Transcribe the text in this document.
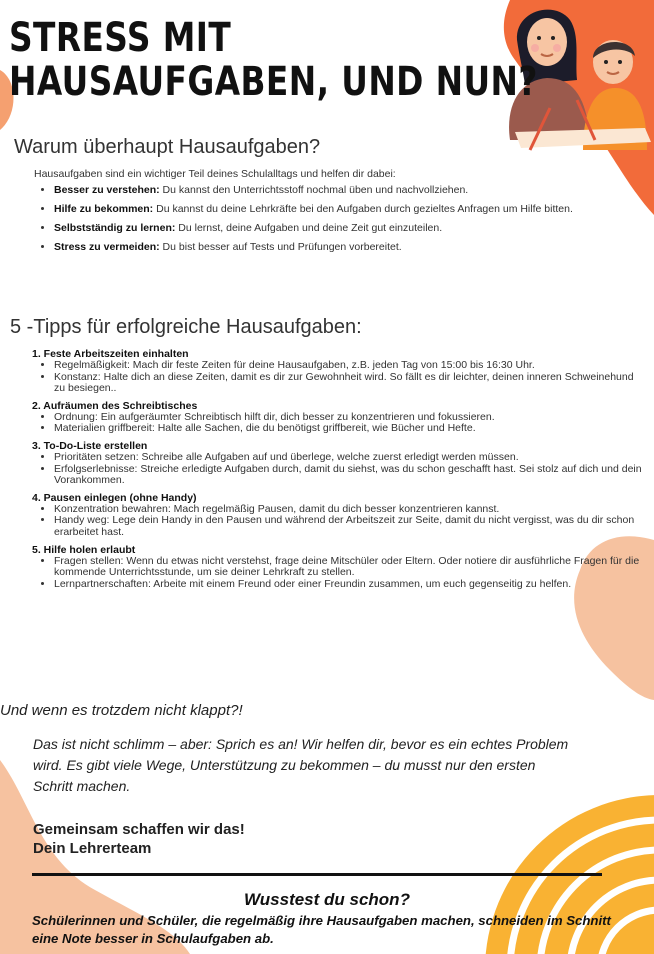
STRESS MIT HAUSAUFGABEN, UND NUN?
Warum überhaupt Hausaufgaben?
Hausaufgaben sind ein wichtiger Teil deines Schulalltags und helfen dir dabei:
• Besser zu verstehen: Du kannst den Unterrichtsstoff nochmal üben und nachvollziehen.
• Hilfe zu bekommen: Du kannst du deine Lehrkräfte bei den Aufgaben durch gezieltes Anfragen um Hilfe bitten.
• Selbstständig zu lernen: Du lernst, deine Aufgaben und deine Zeit gut einzuteilen.
• Stress zu vermeiden: Du bist besser auf Tests und Prüfungen vorbereitet.
5 -Tipps für erfolgreiche Hausaufgaben:
1. Feste Arbeitszeiten einhalten
• Regelmäßigkeit: Mach dir feste Zeiten für deine Hausaufgaben, z.B. jeden Tag von 15:00 bis 16:30 Uhr.
• Konstanz: Halte dich an diese Zeiten, damit es dir zur Gewohnheit wird. So fällt es dir leichter, deinen inneren Schweinehund zu besiegen..
2. Aufräumen des Schreibtisches
• Ordnung: Ein aufgeräumter Schreibtisch hilft dir, dich besser zu konzentrieren und fokussieren.
• Materialien griffbereit: Halte alle Sachen, die du benötigst griffbereit, wie Bücher und Hefte.
3. To-Do-Liste erstellen
• Prioritäten setzen: Schreibe alle Aufgaben auf und überlege, welche zuerst erledigt werden müssen.
• Erfolgserlebnisse: Streiche erledigte Aufgaben durch, damit du siehst, was du schon geschafft hast. Sei stolz auf dich und dein Vorankommen.
4. Pausen einlegen (ohne Handy)
• Konzentration bewahren: Mach regelmäßig Pausen, damit du dich besser konzentrieren kannst.
• Handy weg: Lege dein Handy in den Pausen und während der Arbeitszeit zur Seite, damit du nicht vergisst, was du dir schon erarbeitet hast.
5. Hilfe holen erlaubt
• Fragen stellen: Wenn du etwas nicht verstehst, frage deine Mitschüler oder Eltern. Oder notiere dir ausführliche Fragen für die kommende Unterrichtsstunde, um sie deiner Lehrkraft zu stellen.
• Lernpartnerschaften: Arbeite mit einem Freund oder einer Freundin zusammen, um euch gegenseitig zu helfen.
Und wenn es trotzdem nicht klappt?!

Das ist nicht schlimm – aber: Sprich es an! Wir helfen dir, bevor es ein echtes Problem wird. Es gibt viele Wege, Unterstützung zu bekommen – du musst nur den ersten Schritt machen.

Gemeinsam schaffen wir das!
Dein Lehrerteam
Wusstest du schon?
Schülerinnen und Schüler, die regelmäßig ihre Hausaufgaben machen, schneiden im Schnitt eine Note besser in Schulaufgaben ab.
